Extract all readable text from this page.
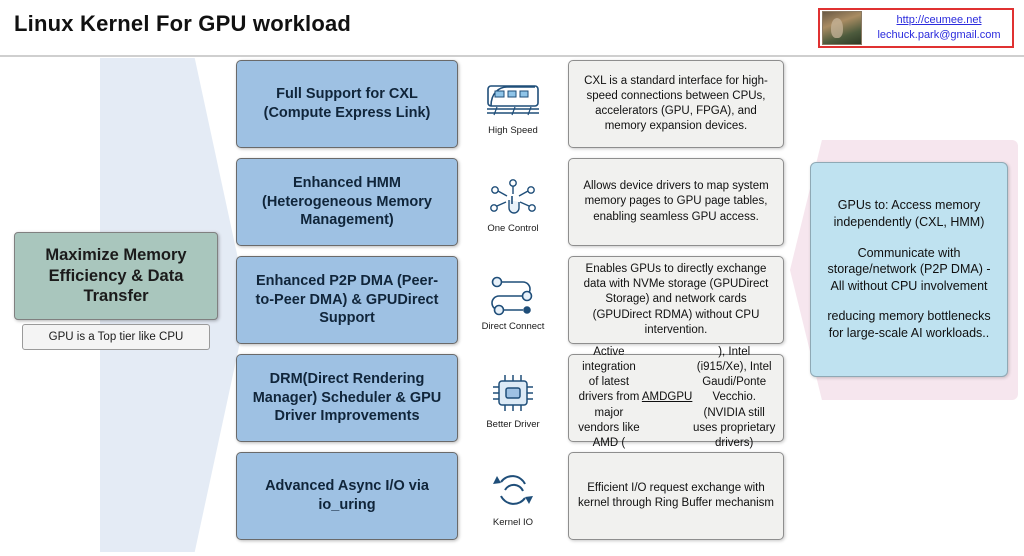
Linux Kernel For GPU workload	http://ceumee.net
lechuck.park@gmail.com
Maximize Memory Efficiency & Data Transfer
GPU is a Top tier like CPU
Full Support for CXL (Compute Express Link)
High Speed
CXL is a standard interface for high-speed connections between CPUs, accelerators (GPU, FPGA), and memory expansion devices.
Enhanced HMM (Heterogeneous Memory Management)	One Control
Allows device drivers to map system memory pages to GPU page tables, enabling seamless GPU access.
Enhanced P2P DMA (Peer-to-Peer DMA) & GPUDirect Support	Direct Connect
Enables GPUs to directly exchange data with NVMe storage (GPUDirect Storage) and network cards (GPUDirect RDMA) without CPU intervention.
DRM(Direct Rendering Manager) Scheduler & GPU Driver Improvements	Better Driver
Active integration of latest drivers from major vendors like AMD (
AMDGPU
), Intel (i915/Xe), Intel Gaudi/Ponte Vecchio. (NVIDIA still uses proprietary drivers)
Advanced Async I/O via io_uring
Kernel IO
Efficient I/O request exchange with kernel through Ring Buffer mechanism
GPUs to: Access memory independently (CXL, HMM)
Communicate with storage/network (P2P DMA) - All without CPU involvement
reducing memory bottlenecks for large-scale AI workloads..
